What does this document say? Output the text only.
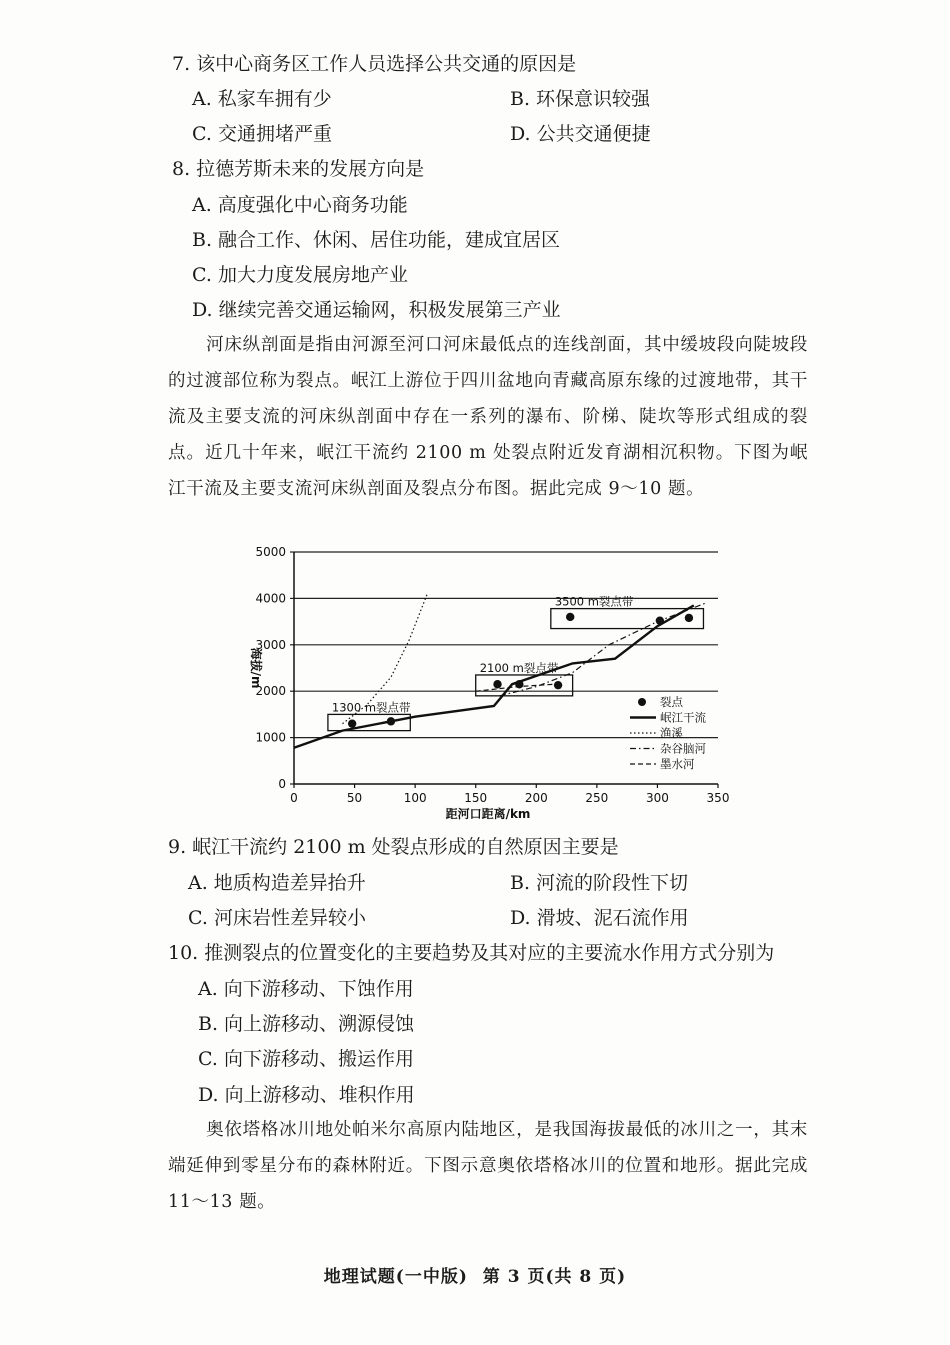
7. 该中心商务区工作人员选择公共交通的原因是
A. 私家车拥有少	B. 环保意识较强
C. 交通拥堵严重	D. 公共交通便捷
8. 拉德芳斯未来的发展方向是
A. 高度强化中心商务功能
B. 融合工作、休闲、居住功能，建成宜居区
C. 加大力度发展房地产业
D. 继续完善交通运输网，积极发展第三产业
河床纵剖面是指由河源至河口河床最低点的连线剖面，其中缓坡段向陡坡段的过渡部位称为裂点。岷江上游位于四川盆地向青藏高原东缘的过渡地带，其干流及主要支流的河床纵剖面中存在一系列的瀑布、阶梯、陡坎等形式组成的裂点。近几十年来，岷江干流约 2100 m 处裂点附近发育湖相沉积物。下图为岷江干流及主要支流河床纵剖面及裂点分布图。据此完成 9～10 题。
0
1000
2000
3000
4000
5000
0	50	100	150	200	250	300	350
距河口距离/km
海拔/m
1300 m裂点带
2100 m裂点带
3500 m裂点带
裂点
岷江干流
渔溪
杂谷脑河
墨水河
9. 岷江干流约 2100 m 处裂点形成的自然原因主要是
A. 地质构造差异抬升	B. 河流的阶段性下切
C. 河床岩性差异较小	D. 滑坡、泥石流作用
10. 推测裂点的位置变化的主要趋势及其对应的主要流水作用方式分别为
A. 向下游移动、下蚀作用
B. 向上游移动、溯源侵蚀
C. 向下游移动、搬运作用
D. 向上游移动、堆积作用
奥依塔格冰川地处帕米尔高原内陆地区，是我国海拔最低的冰川之一，其末端延伸到零星分布的森林附近。下图示意奥依塔格冰川的位置和地形。据此完成 11～13 题。
地理试题(一中版) 第 3 页(共 8 页)
